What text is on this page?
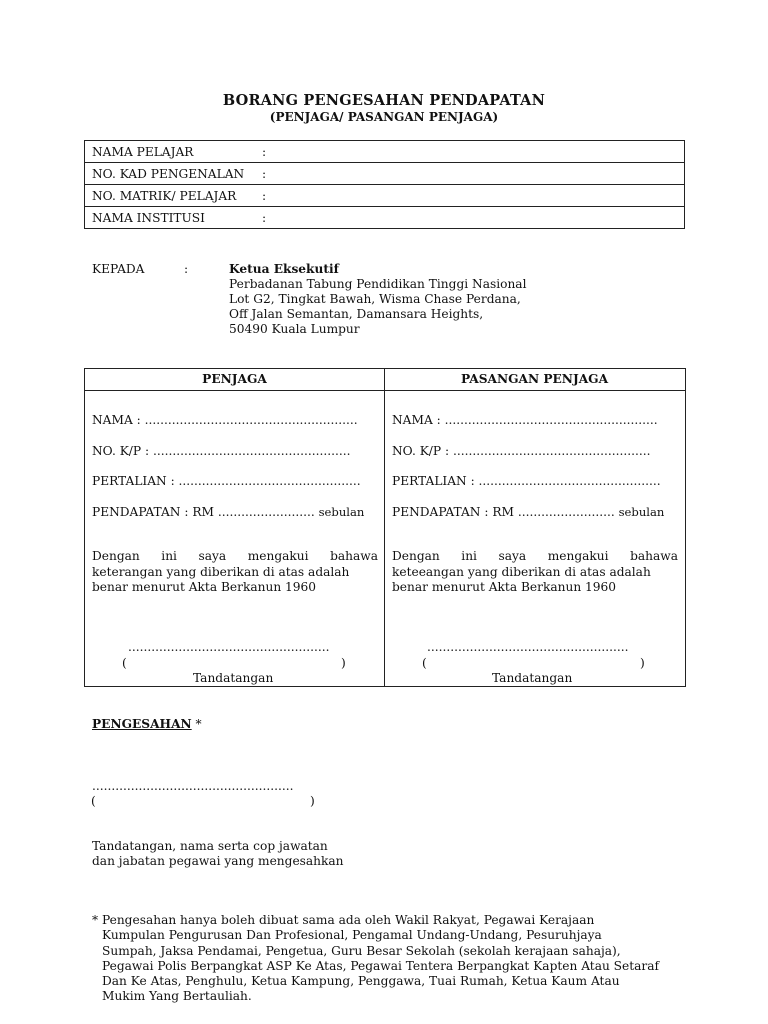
BORANG PENGESAHAN PENDAPATAN
(PENJAGA/ PASANGAN PENJAGA)
NAMA PELAJAR	:
NO. KAD PENGENALAN :
NO. MATRIK/ PELAJAR :
NAMA INSTITUSI	:
KEPADA	:	Ketua Eksekutif
Perbadanan Tabung Pendidikan Tinggi Nasional
Lot G2, Tingkat Bawah, Wisma Chase Perdana,
Off Jalan Semantan, Damansara Heights,
50490 Kuala Lumpur
PENJAGA
NAMA : .......................................................
NO. K/P : ...................................................
PERTALIAN : ...............................................
PENDAPATAN : RM ......................... sebulan
Dengan ini saya mengakui bahawa
keterangan yang diberikan di atas adalah
benar menurut Akta Berkanun 1960
....................................................
(	)
Tandatangan
PASANGAN PENJAGA
NAMA : .......................................................
NO. K/P : ...................................................
PERTALIAN : ...............................................
PENDAPATAN : RM ......................... sebulan
Dengan ini saya mengakui bahawa
keteeangan yang diberikan di atas adalah
benar menurut Akta Berkanun 1960
....................................................
(	)
Tandatangan
PENGESAHAN *
....................................................
(	)
Tandatangan, nama serta cop jawatan
dan jabatan pegawai yang mengesahkan
* Pengesahan hanya boleh dibuat sama ada oleh Wakil Rakyat, Pegawai Kerajaan
Kumpulan Pengurusan Dan Profesional, Pengamal Undang-Undang, Pesuruhjaya
Sumpah, Jaksa Pendamai, Pengetua, Guru Besar Sekolah (sekolah kerajaan sahaja),
Pegawai Polis Berpangkat ASP Ke Atas, Pegawai Tentera Berpangkat Kapten Atau Setaraf
Dan Ke Atas, Penghulu, Ketua Kampung, Penggawa, Tuai Rumah, Ketua Kaum Atau
Mukim Yang Bertauliah.
